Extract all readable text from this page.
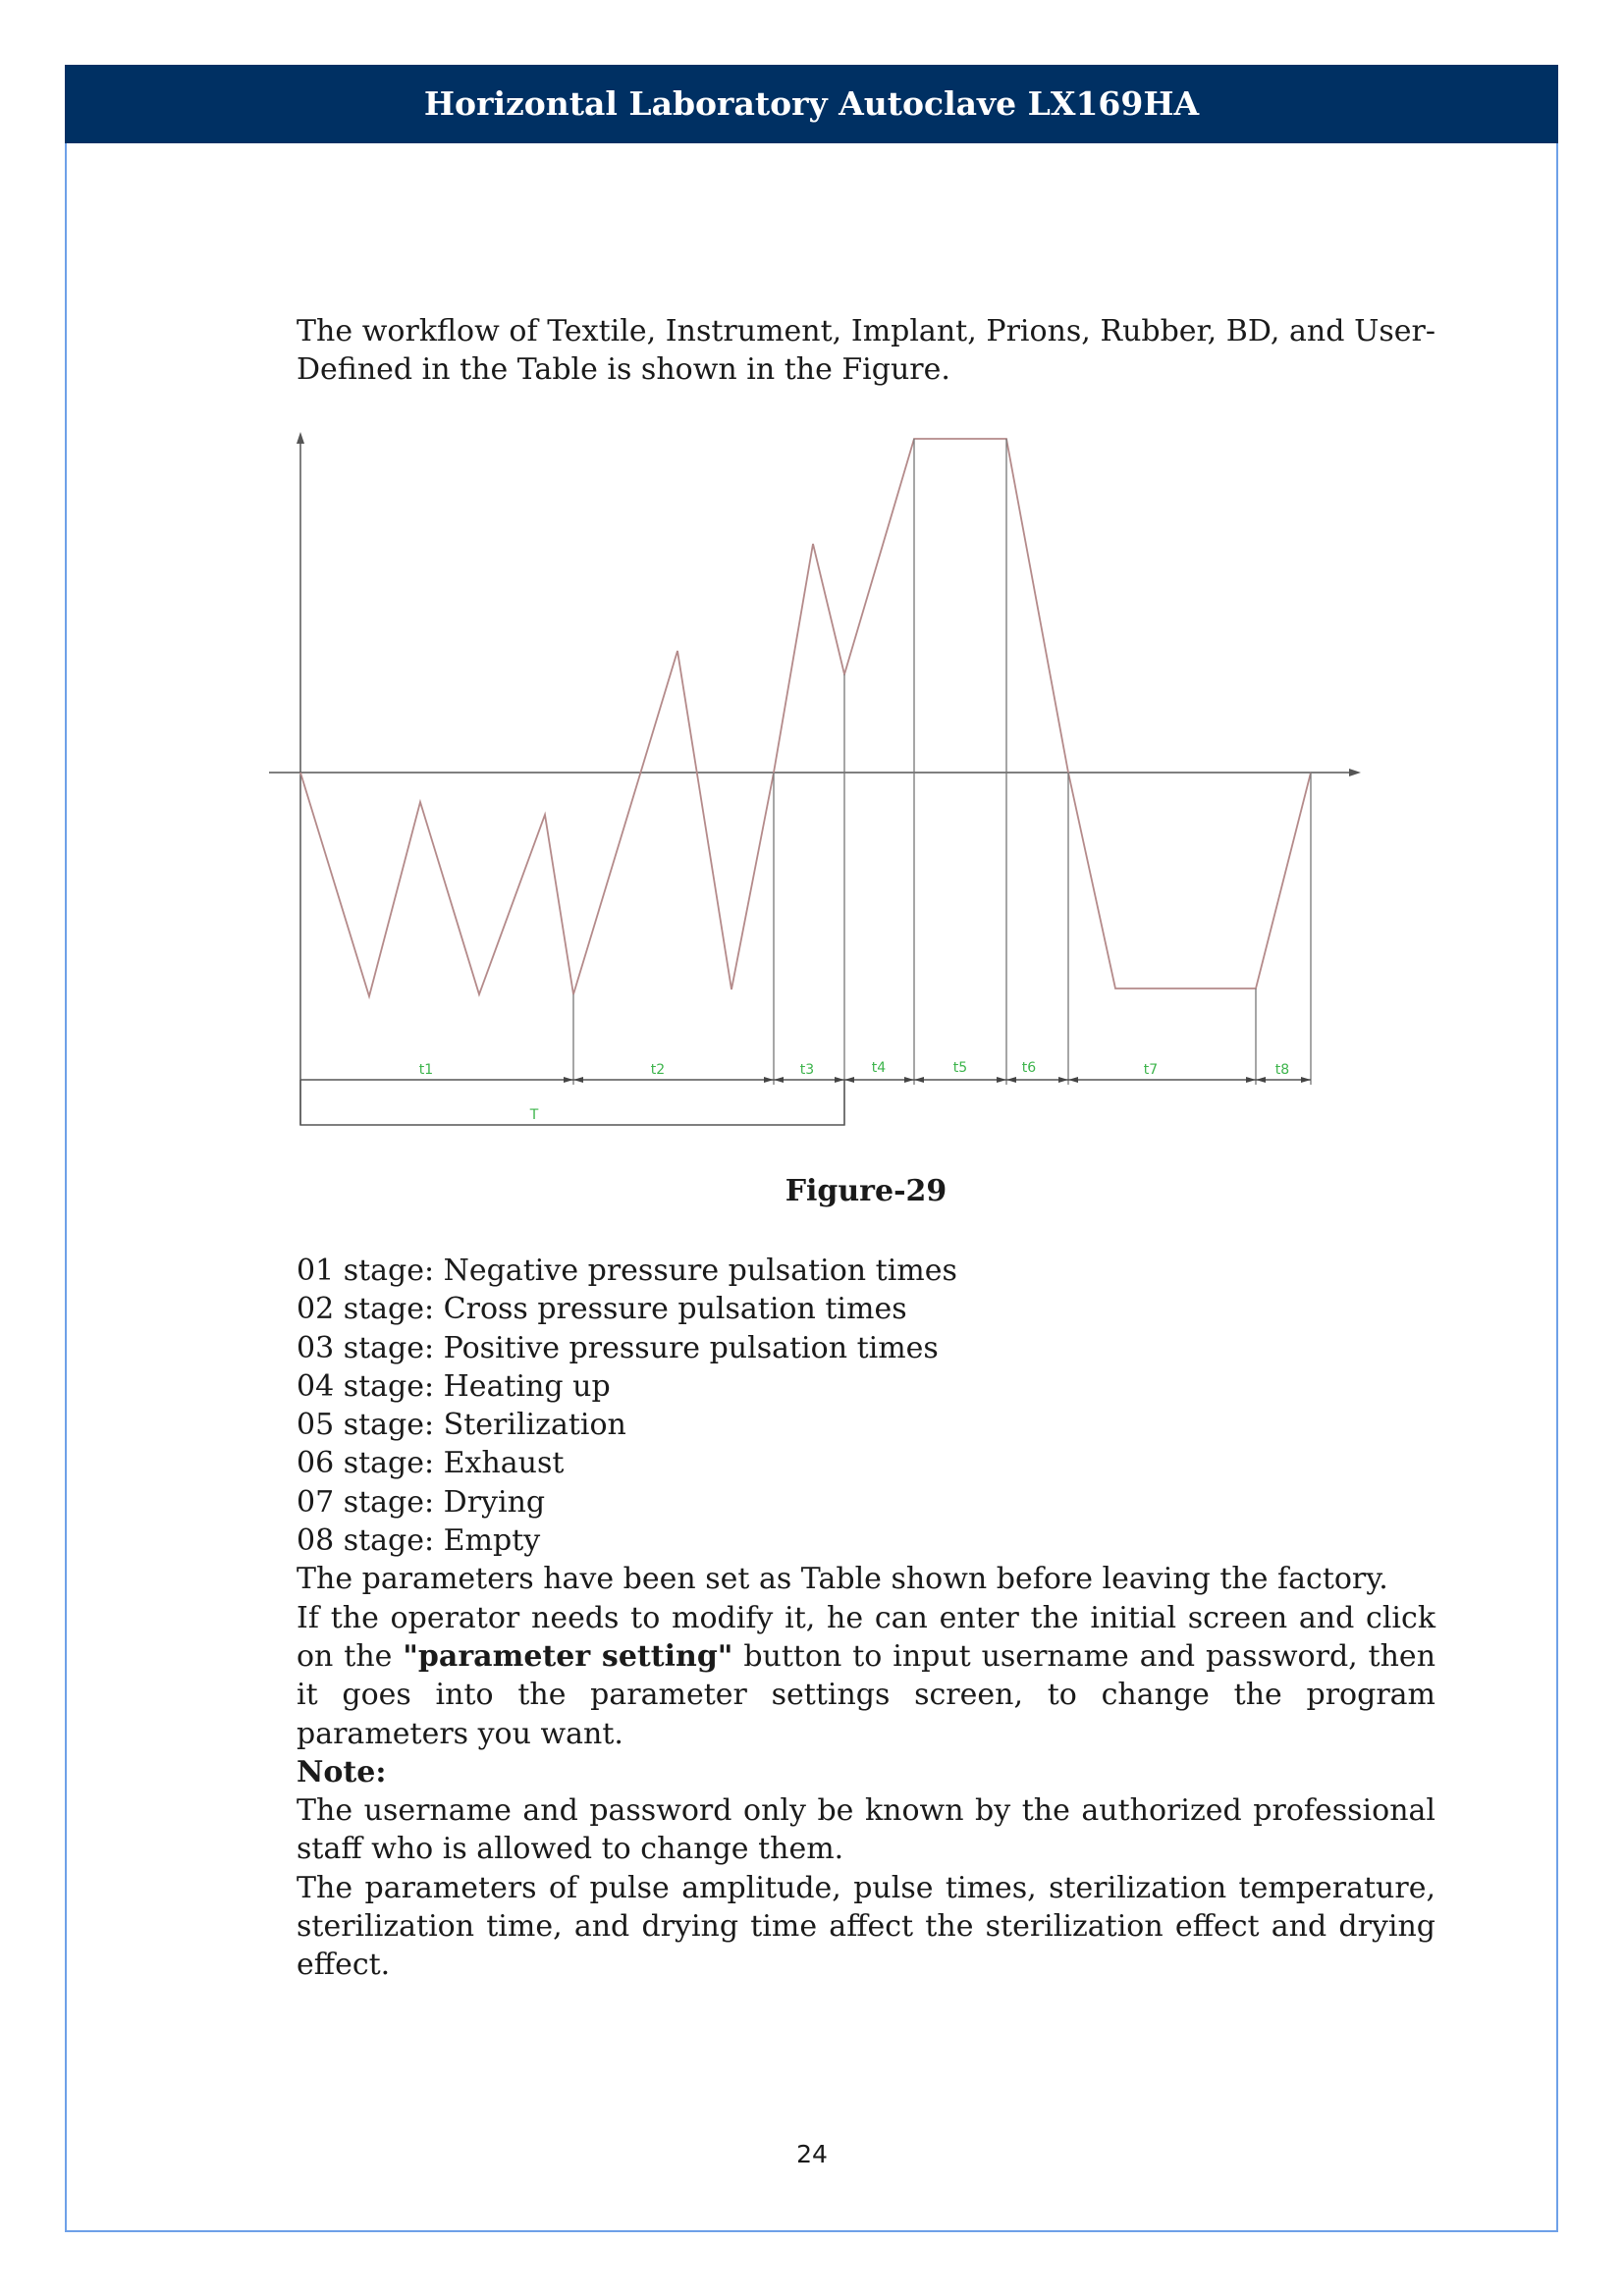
Horizontal Laboratory Autoclave LX169HA

The workflow of Textile, Instrument, Implant, Prions, Rubber, BD, and User-Defined in the Table is shown in the Figure.

t1	t2	t3	t4	t5	t6	t7	t8
T
Figure-29
01 stage: Negative pressure pulsation times
02 stage: Cross pressure pulsation times
03 stage: Positive pressure pulsation times
04 stage: Heating up
05 stage: Sterilization
06 stage: Exhaust
07 stage: Drying
08 stage: Empty
The parameters have been set as Table shown before leaving the factory.
If the operator needs to modify it, he can enter the initial screen and click on the "parameter setting" button to input username and password, then it goes into the parameter settings screen, to change the program parameters you want.
Note:
The username and password only be known by the authorized professional staff who is allowed to change them.
The parameters of pulse amplitude, pulse times, sterilization temperature, sterilization time, and drying time affect the sterilization effect and drying effect.
24
